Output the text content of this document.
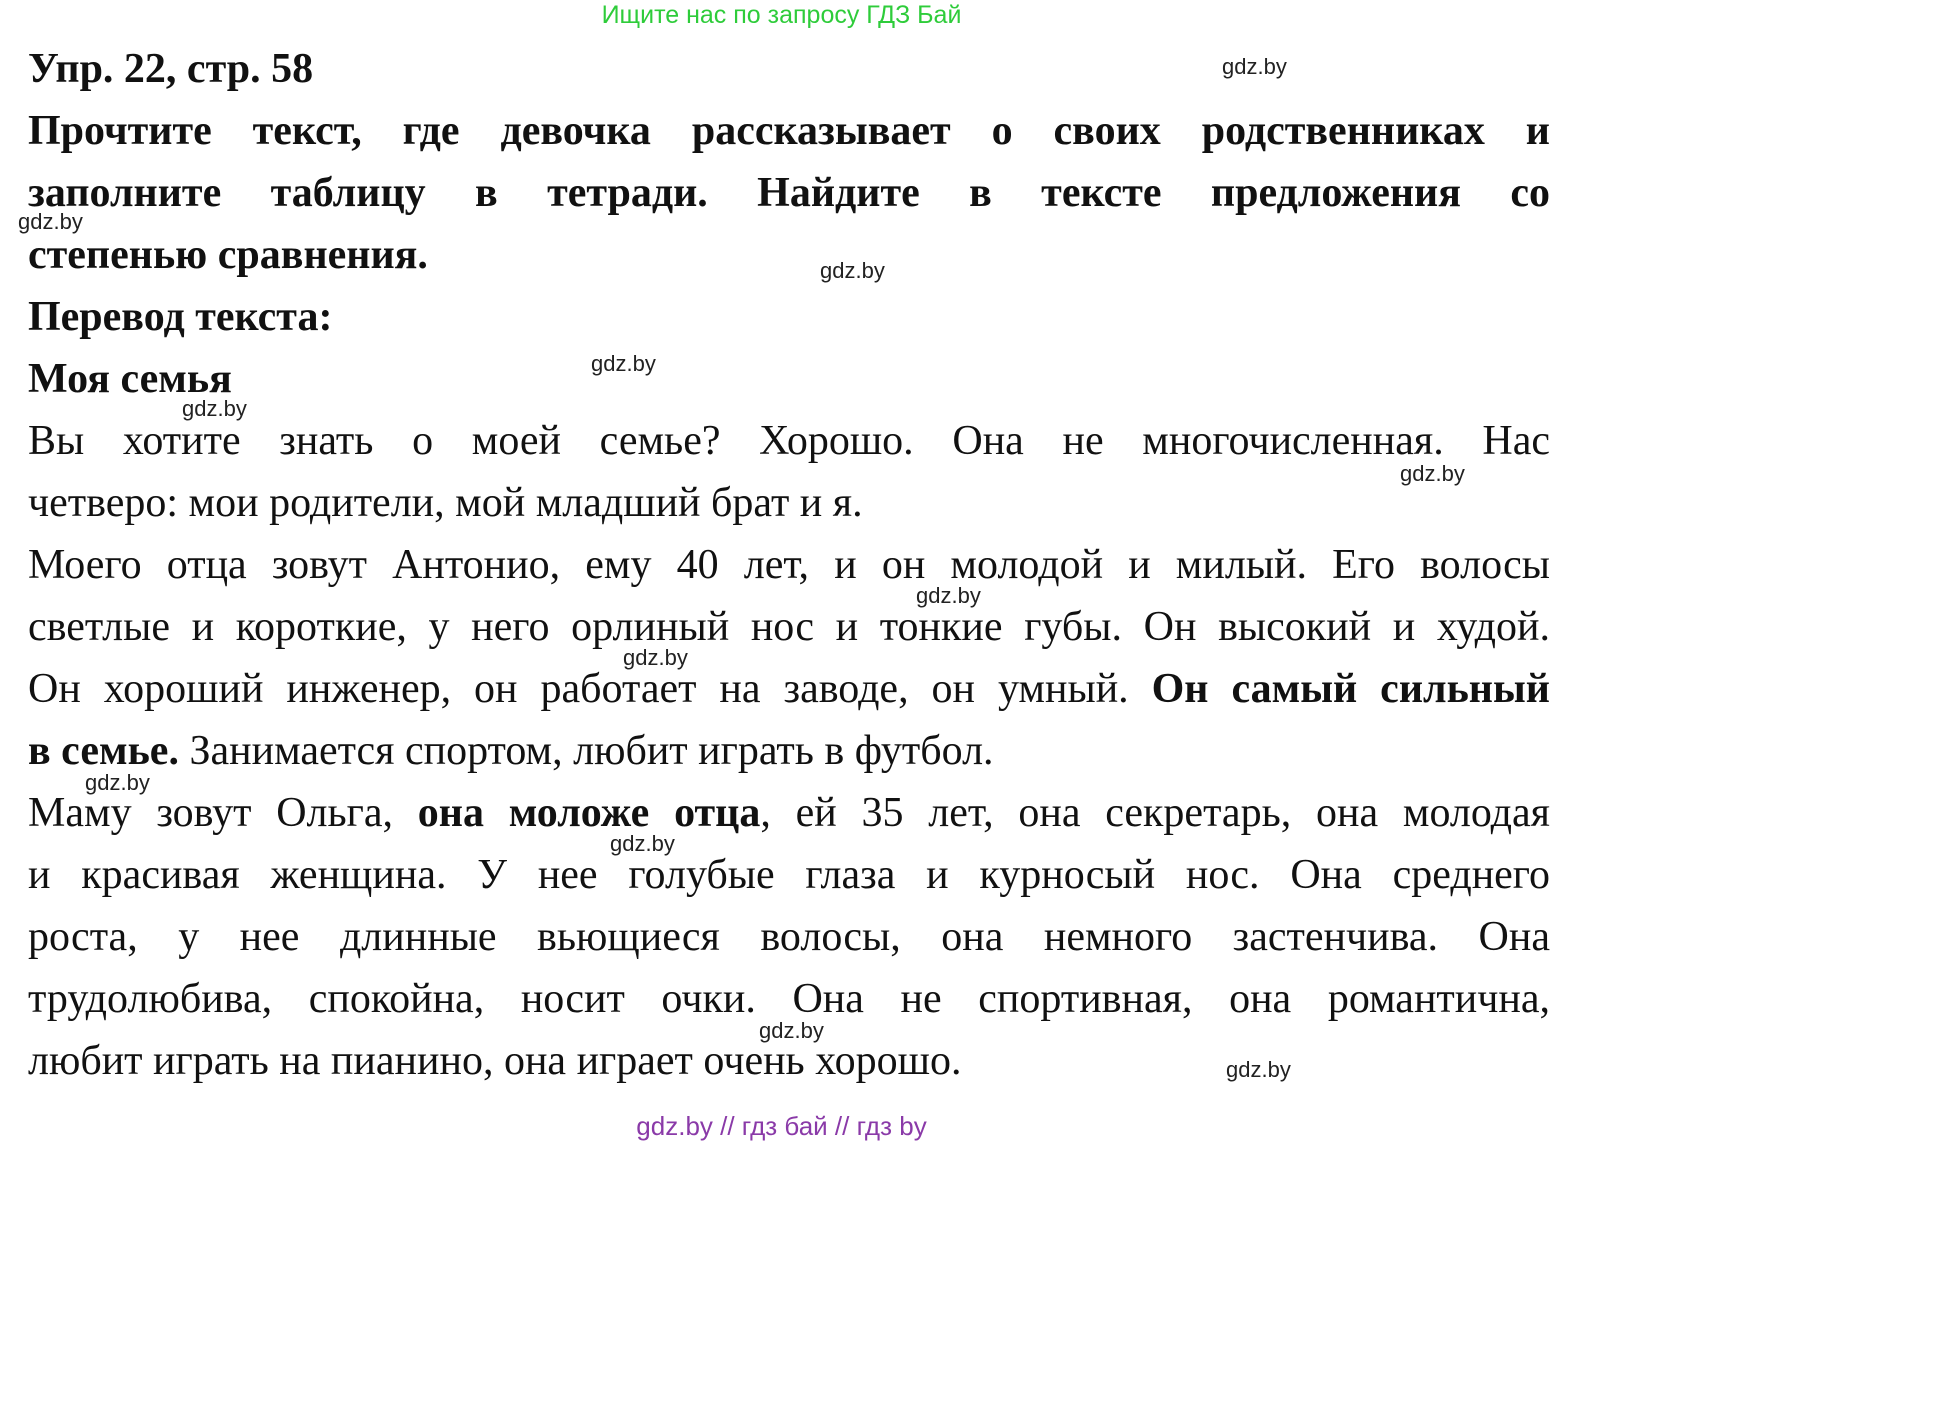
Ищите нас по запросу ГДЗ Бай
Упр. 22, стр. 58
Прочтите текст, где девочка рассказывает о своих родственниках и
заполните таблицу в тетради. Найдите в тексте предложения со
степенью сравнения.
Перевод текста:
Моя семья
Вы хотите знать о моей семье? Хорошо. Она не многочисленная. Нас
четверо: мои родители, мой младший брат и я.
Моего отца зовут Антонио, ему 40 лет, и он молодой и милый. Его волосы
светлые и короткие, у него орлиный нос и тонкие губы. Он высокий и худой.
Он хороший инженер, он работает на заводе, он умный. Он самый сильный
в семье. Занимается спортом, любит играть в футбол.
Маму зовут Ольга, она моложе отца, ей 35 лет, она секретарь, она молодая
и красивая женщина. У нее голубые глаза и курносый нос. Она среднего
роста, у нее длинные вьющиеся волосы, она немного застенчива. Она
трудолюбива, спокойна, носит очки. Она не спортивная, она романтична,
любит играть на пианино, она играет очень хорошо.
gdz.by
gdz.by
gdz.by
gdz.by
gdz.by
gdz.by
gdz.by
gdz.by
gdz.by
gdz.by
gdz.by
gdz.by
gdz.by // гдз бай // гдз by
